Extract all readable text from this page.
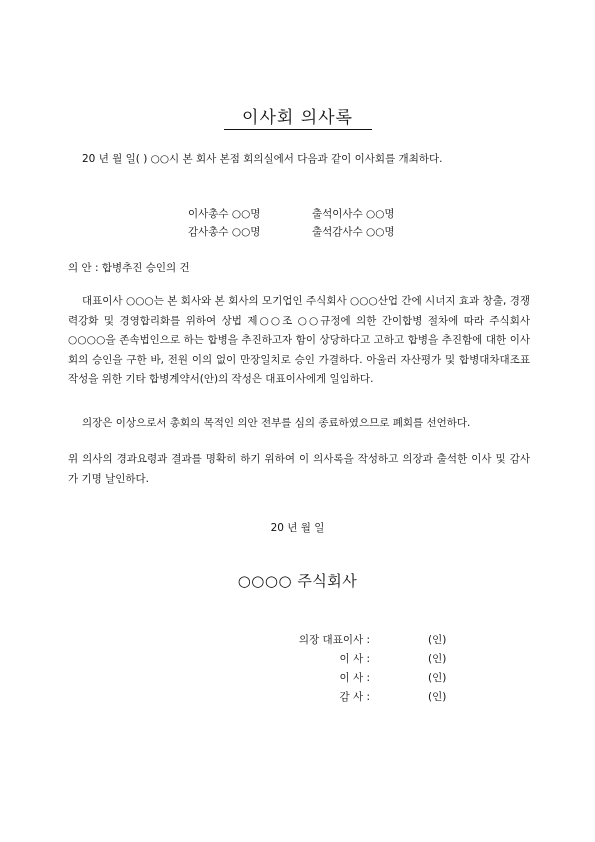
이사회 의사록
20 년 월 일( ) ○○시 본 회사 본점 회의실에서 다음과 같이 이사회를 개최하다.
이사총수 ○○명	출석이사수 ○○명
감사총수 ○○명	출석감사수 ○○명
의 안 : 합병추진 승인의 건
대표이사 ○○○는 본 회사와 본 회사의 모기업인 주식회사 ○○○산업 간에 시너지 효과 창출, 경쟁력강화 및 경영합리화를 위하여 상법 제○○조 ○○규정에 의한 간이합병 절차에 따라 주식회사 ○○○○을 존속법인으로 하는 합병을 추진하고자 함이 상당하다고 고하고 합병을 추진함에 대한 이사회의 승인을 구한 바, 전원 이의 없이 만장일치로 승인 가결하다. 아울러 자산평가 및 합병대차대조표 작성을 위한 기타 합병계약서(안)의 작성은 대표이사에게 일임하다.
의장은 이상으로서 총회의 목적인 의안 전부를 심의 종료하였으므로 폐회를 선언하다.
위 의사의 경과요령과 결과를 명확히 하기 위하여 이 의사록을 작성하고 의장과 출석한 이사 및 감사가 기명 날인하다.
20 년 월 일
○○○○ 주식회사
의장 대표이사 :	(인)
이 사 :	(인)
이 사 :	(인)
감 사 :	(인)
